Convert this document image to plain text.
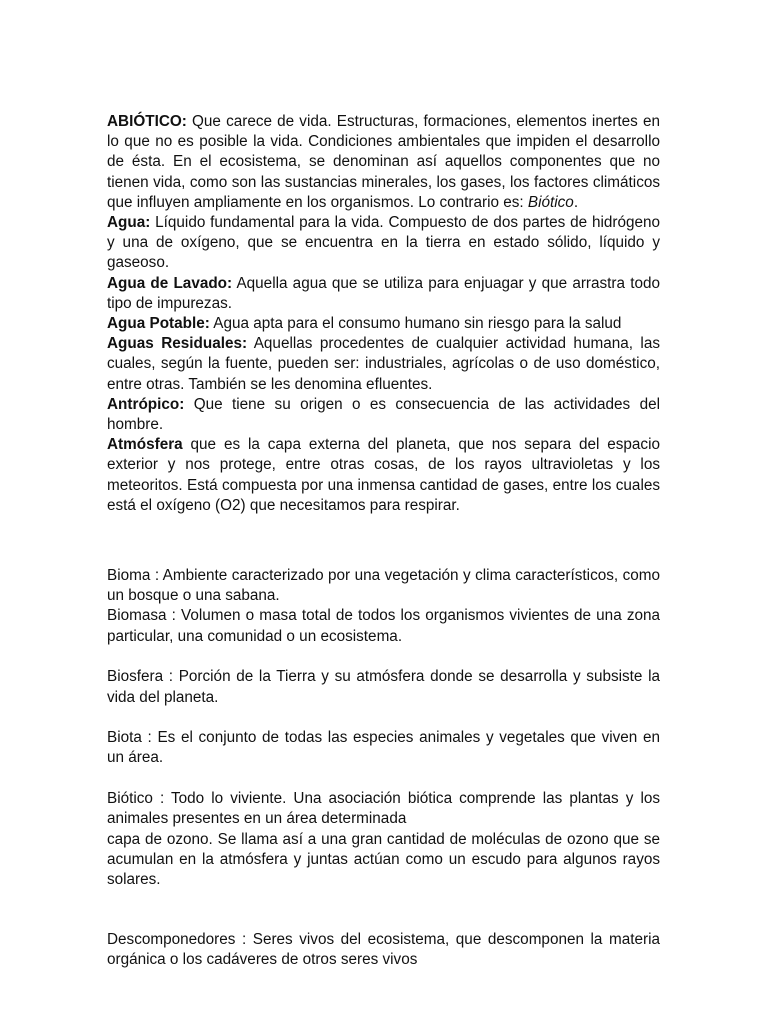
ABIÓTICO: Que carece de vida. Estructuras, formaciones, elementos inertes en lo que no es posible la vida. Condiciones ambientales que impiden el desarrollo de ésta. En el ecosistema, se denominan así aquellos componentes que no tienen vida, como son las sustancias minerales, los gases, los factores climáticos que influyen ampliamente en los organismos. Lo contrario es: Biótico.

Agua: Líquido fundamental para la vida. Compuesto de dos partes de hidrógeno y una de oxígeno, que se encuentra en la tierra en estado sólido, líquido y gaseoso.

Agua de Lavado: Aquella agua que se utiliza para enjuagar y que arrastra todo tipo de impurezas.

Agua Potable: Agua apta para el consumo humano sin riesgo para la salud

Aguas Residuales: Aquellas procedentes de cualquier actividad humana, las cuales, según la fuente, pueden ser: industriales, agrícolas o de uso doméstico, entre otras. También se les denomina efluentes.

Antrópico: Que tiene su origen o es consecuencia de las actividades del hombre.

Atmósfera que es la capa externa del planeta, que nos separa del espacio exterior y nos protege, entre otras cosas, de los rayos ultravioletas y los meteoritos. Está compuesta por una inmensa cantidad de gases, entre los cuales está el oxígeno (O2) que necesitamos para respirar.

Bioma : Ambiente caracterizado por una vegetación y clima característicos, como un bosque o una sabana.

Biomasa : Volumen o masa total de todos los organismos vivientes de una zona particular, una comunidad o un ecosistema.

Biosfera : Porción de la Tierra y su atmósfera donde se desarrolla y subsiste la vida del planeta.

Biota : Es el conjunto de todas las especies animales y vegetales que viven en un área.

Biótico : Todo lo viviente. Una asociación biótica comprende las plantas y los animales presentes en un área determinada

capa de ozono. Se llama así a una gran cantidad de moléculas de ozono que se acumulan en la atmósfera y juntas actúan como un escudo para algunos rayos solares.

Descomponedores : Seres vivos del ecosistema, que descomponen la materia orgánica o los cadáveres de otros seres vivos
